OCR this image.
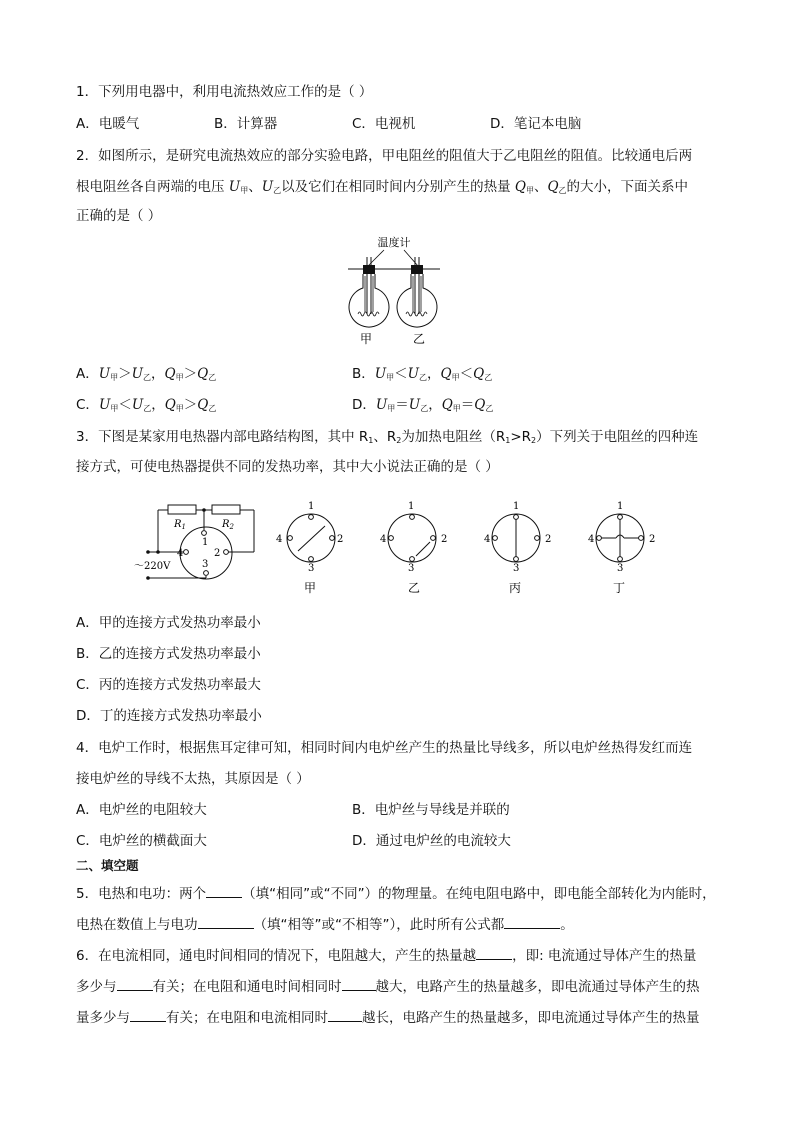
1．下列用电器中，利用电流热效应工作的是（ ）
A．电暖气	B．计算器	C．电视机	D．笔记本电脑
2．如图所示，是研究电流热效应的部分实验电路，甲电阻丝的阻值大于乙电阻丝的阻值。比较通电后两
根电阻丝各自两端的电压 $U_甲$、$U_乙$以及它们在相同时间内分别产生的热量 $Q_甲$、$Q_乙$的大小，下面关系中
正确的是（ ）
温度计
甲	乙
A．$U_甲>U_乙$，$Q_甲>Q_乙$	B．$U_甲<U_乙$，$Q_甲<Q_乙$
C．$U_甲<U_乙$，$Q_甲>Q_乙$	D．$U_甲=U_乙$，$Q_甲=Q_乙$
3．下图是某家用电热器内部电路结构图，其中 $R_1$、$R_2$为加热电阻丝$(R_1>R_2)$下列关于电阻丝的四种连
接方式，可使电热器提供不同的发热功率，其中大小说法正确的是（ ）
$R_1$	$R_2$
1
4	2
3
～220V
1
4	2
3
甲
1
4	2
3
乙
1
4	2
3
丙
1
4	2
3
丁
A．甲的连接方式发热功率最小
B．乙的连接方式发热功率最小
C．丙的连接方式发热功率最大
D．丁的连接方式发热功率最小
4．电炉工作时，根据焦耳定律可知，相同时间内电炉丝产生的热量比导线多，所以电炉丝热得发红而连
接电炉丝的导线不太热，其原因是（ ）
A．电炉丝的电阻较大	B．电炉丝与导线是并联的
C．电炉丝的横截面大	D．通过电炉丝的电流较大
二、填空题
5．电热和电功：两个	（填“相同”或“不同”）的物理量。在纯电阻电路中，即电能全部转化为内能时，
电热在数值上与电功	（填“相等”或“不相等”），此时所有公式都	。
6．在电流相同，通电时间相同的情况下，电阻越大，产生的热量越	，即: 电流通过导体产生的热量
多少与	有关；在电阻和通电时间相同时	越大，电路产生的热量越多，即电流通过导体产生的热
量多少与	有关；在电阻和电流相同时	越长，电路产生的热量越多，即电流通过导体产生的热量
